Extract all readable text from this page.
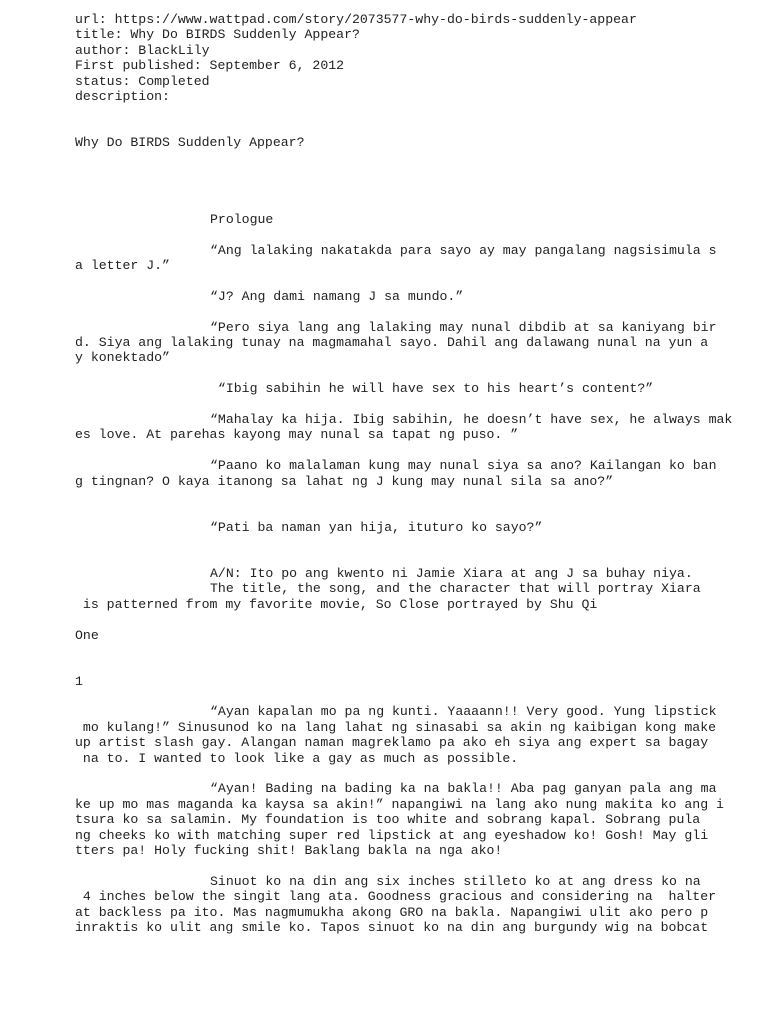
url: https://www.wattpad.com/story/2073577-why-do-birds-suddenly-appear
title: Why Do BIRDS Suddenly Appear?
author: BlackLily
First published: September 6, 2012
status: Completed
description:
Why Do BIRDS Suddenly Appear?
Prologue
“Ang lalaking nakatakda para sayo ay may pangalang nagsisimula s
a letter J.”
“J? Ang dami namang J sa mundo.”
“Pero siya lang ang lalaking may nunal dibdib at sa kaniyang bir
d. Siya ang lalaking tunay na magmamahal sayo. Dahil ang dalawang nunal na yun a
y konektado”
“Ibig sabihin he will have sex to his heart’s content?”
“Mahalay ka hija. Ibig sabihin, he doesn’t have sex, he always mak
es love. At parehas kayong may nunal sa tapat ng puso. ”
“Paano ko malalaman kung may nunal siya sa ano? Kailangan ko ban
g tingnan? O kaya itanong sa lahat ng J kung may nunal sila sa ano?”
“Pati ba naman yan hija, ituturo ko sayo?”
A/N: Ito po ang kwento ni Jamie Xiara at ang J sa buhay niya.
The title, the song, and the character that will portray Xiara
is patterned from my favorite movie, So Close portrayed by Shu Qi
One
1
“Ayan kapalan mo pa ng kunti. Yaaaann!! Very good. Yung lipstick
mo kulang!” Sinusunod ko na lang lahat ng sinasabi sa akin ng kaibigan kong make
up artist slash gay. Alangan naman magreklamo pa ako eh siya ang expert sa bagay
na to. I wanted to look like a gay as much as possible.
“Ayan! Bading na bading ka na bakla!! Aba pag ganyan pala ang ma
ke up mo mas maganda ka kaysa sa akin!” napangiwi na lang ako nung makita ko ang i
tsura ko sa salamin. My foundation is too white and sobrang kapal. Sobrang pula
ng cheeks ko with matching super red lipstick at ang eyeshadow ko! Gosh! May gli
tters pa! Holy fucking shit! Baklang bakla na nga ako!
Sinuot ko na din ang six inches stilleto ko at ang dress ko na
4 inches below the singit lang ata. Goodness gracious and considering na  halter
at backless pa ito. Mas nagmumukha akong GRO na bakla. Napangiwi ulit ako pero p
inraktis ko ulit ang smile ko. Tapos sinuot ko na din ang burgundy wig na bobcat
